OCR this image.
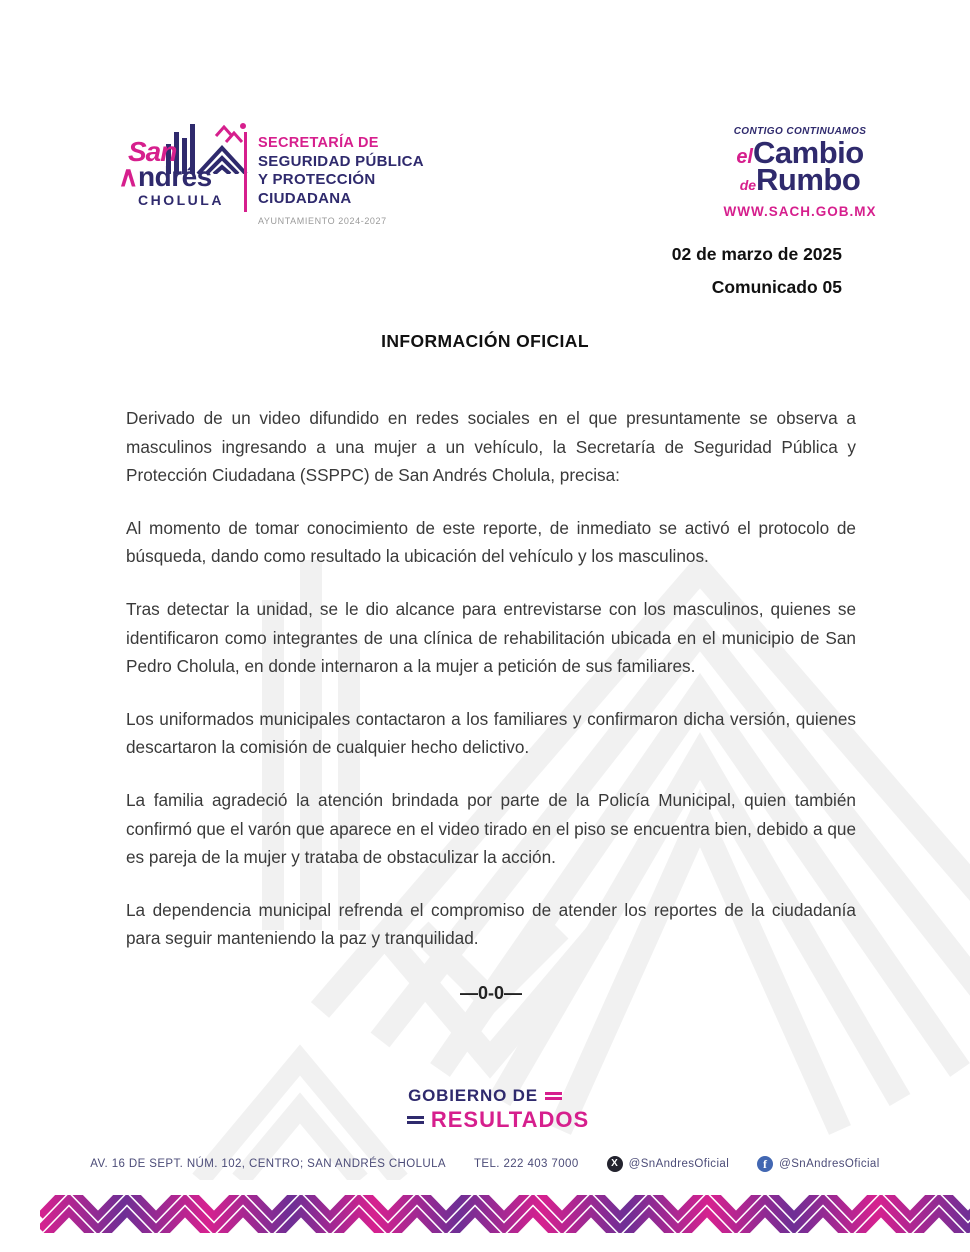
San
∧ndrés
CHOLULA
SECRETARÍA DE
SEGURIDAD PÚBLICA
Y PROTECCIÓN
CIUDADANA
AYUNTAMIENTO 2024-2027
CONTIGO CONTINUAMOS
elCambio
deRumbo
WWW.SACH.GOB.MX
02 de marzo de 2025
Comunicado 05
INFORMACIÓN OFICIAL

Derivado de un video difundido en redes sociales en el que presuntamente se observa a masculinos ingresando a una mujer a un vehículo, la Secretaría de Seguridad Pública y Protección Ciudadana (SSPPC) de San Andrés Cholula, precisa:

Al momento de tomar conocimiento de este reporte, de inmediato se activó el protocolo de búsqueda, dando como resultado la ubicación del vehículo y los masculinos.

Tras detectar la unidad, se le dio alcance para entrevistarse con los masculinos, quienes se identificaron como integrantes de una clínica de rehabilitación ubicada en el municipio de San Pedro Cholula, en donde internaron a la mujer a petición de sus familiares.

Los uniformados municipales contactaron a los familiares y confirmaron dicha versión, quienes descartaron la comisión de cualquier hecho delictivo.

La familia agradeció la atención brindada por parte de la Policía Municipal, quien también confirmó que el varón que aparece en el video tirado en el piso se encuentra bien, debido a que es pareja de la mujer y trataba de obstaculizar la acción.

La dependencia municipal refrenda el compromiso de atender los reportes de la ciudadanía para seguir manteniendo la paz y tranquilidad.

—0-0—
GOBIERNO DE
RESULTADOS
AV. 16 DE SEPT. NÚM. 102, CENTRO; SAN ANDRÉS CHOLULA TEL. 222 403 7000	X @SnAndresOficial	f	@SnAndresOficial
